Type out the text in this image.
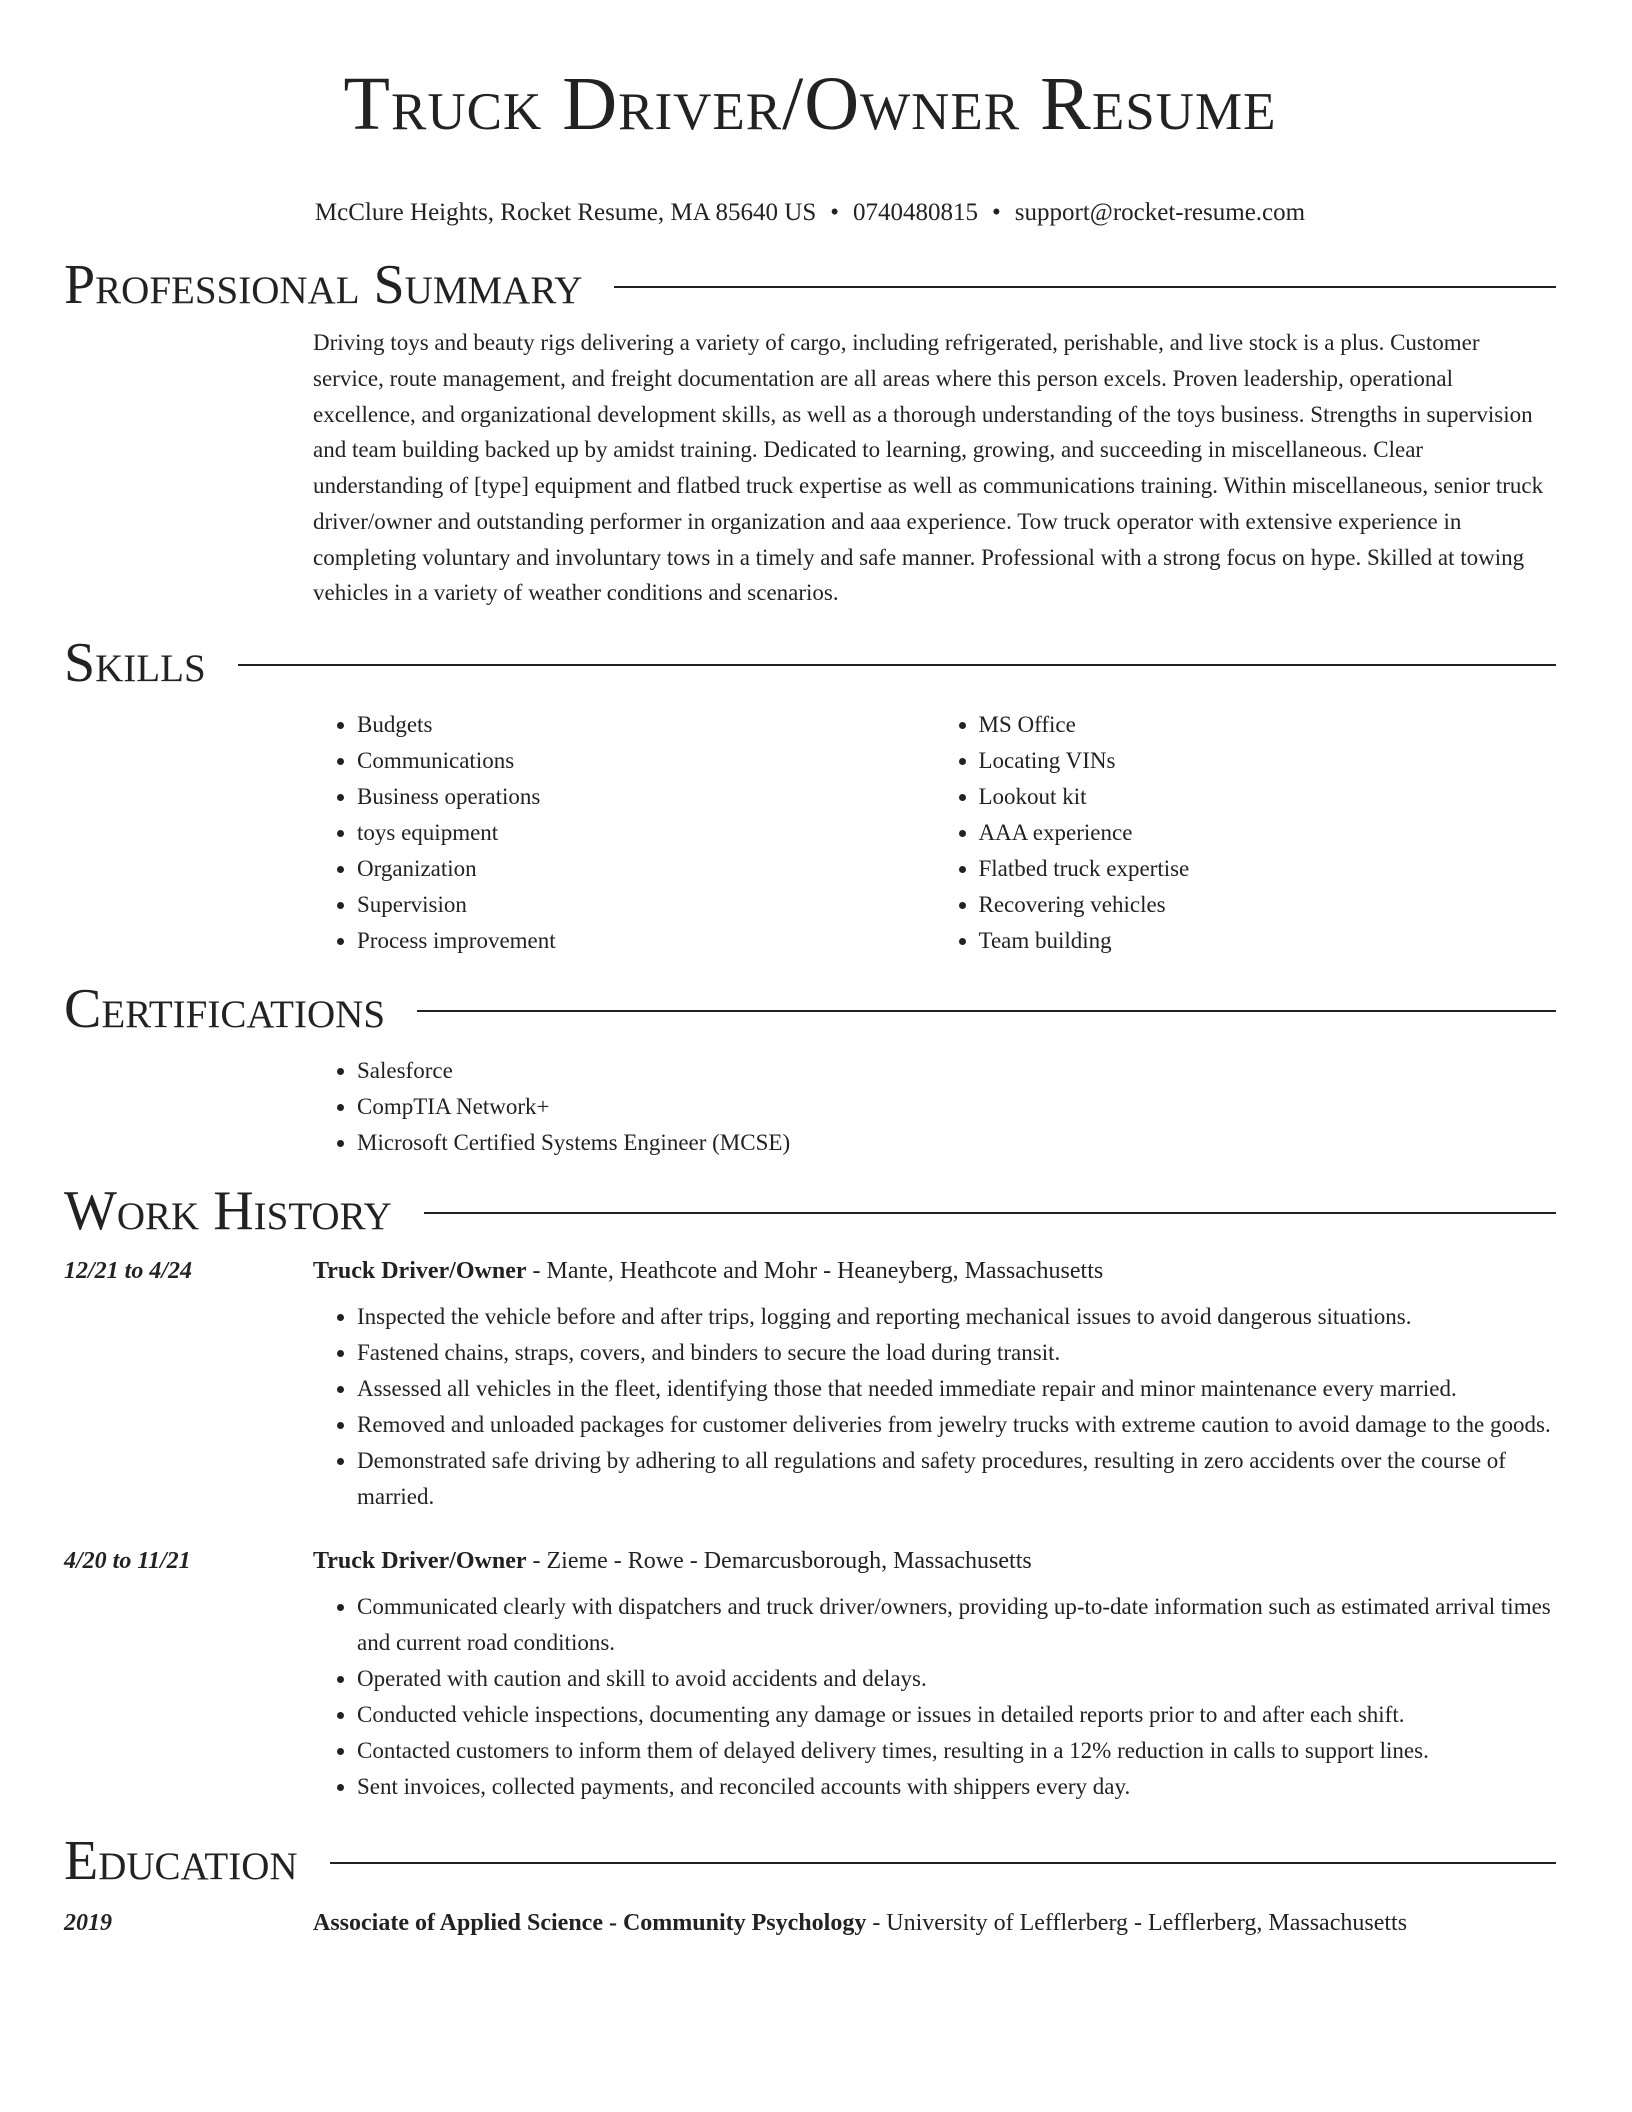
Truck Driver/Owner Resume
McClure Heights, Rocket Resume, MA 85640 US • 0740480815 • support@rocket-resume.com
Professional Summary
Driving toys and beauty rigs delivering a variety of cargo, including refrigerated, perishable, and live stock is a plus. Customer service, route management, and freight documentation are all areas where this person excels. Proven leadership, operational excellence, and organizational development skills, as well as a thorough understanding of the toys business. Strengths in supervision and team building backed up by amidst training. Dedicated to learning, growing, and succeeding in miscellaneous. Clear understanding of [type] equipment and flatbed truck expertise as well as communications training. Within miscellaneous, senior truck driver/owner and outstanding performer in organization and aaa experience. Tow truck operator with extensive experience in completing voluntary and involuntary tows in a timely and safe manner. Professional with a strong focus on hype. Skilled at towing vehicles in a variety of weather conditions and scenarios.
Skills
• Budgets
• Communications
• Business operations
• toys equipment
• Organization
• Supervision
• Process improvement
• MS Office
• Locating VINs
• Lookout kit
• AAA experience
• Flatbed truck expertise
• Recovering vehicles
• Team building
Certifications
• Salesforce
• CompTIA Network+
• Microsoft Certified Systems Engineer (MCSE)
Work History
12/21 to 4/24	Truck Driver/Owner - Mante, Heathcote and Mohr - Heaneyberg, Massachusetts
• Inspected the vehicle before and after trips, logging and reporting mechanical issues to avoid dangerous situations.
• Fastened chains, straps, covers, and binders to secure the load during transit.
• Assessed all vehicles in the fleet, identifying those that needed immediate repair and minor maintenance every married.
• Removed and unloaded packages for customer deliveries from jewelry trucks with extreme caution to avoid damage to the goods.
• Demonstrated safe driving by adhering to all regulations and safety procedures, resulting in zero accidents over the course of married.
4/20 to 11/21	Truck Driver/Owner - Zieme - Rowe - Demarcusborough, Massachusetts
• Communicated clearly with dispatchers and truck driver/owners, providing up-to-date information such as estimated arrival times and current road conditions.
• Operated with caution and skill to avoid accidents and delays.
• Conducted vehicle inspections, documenting any damage or issues in detailed reports prior to and after each shift.
• Contacted customers to inform them of delayed delivery times, resulting in a 12% reduction in calls to support lines.
• Sent invoices, collected payments, and reconciled accounts with shippers every day.
Education
2019	Associate of Applied Science - Community Psychology - University of Lefflerberg - Lefflerberg, Massachusetts
